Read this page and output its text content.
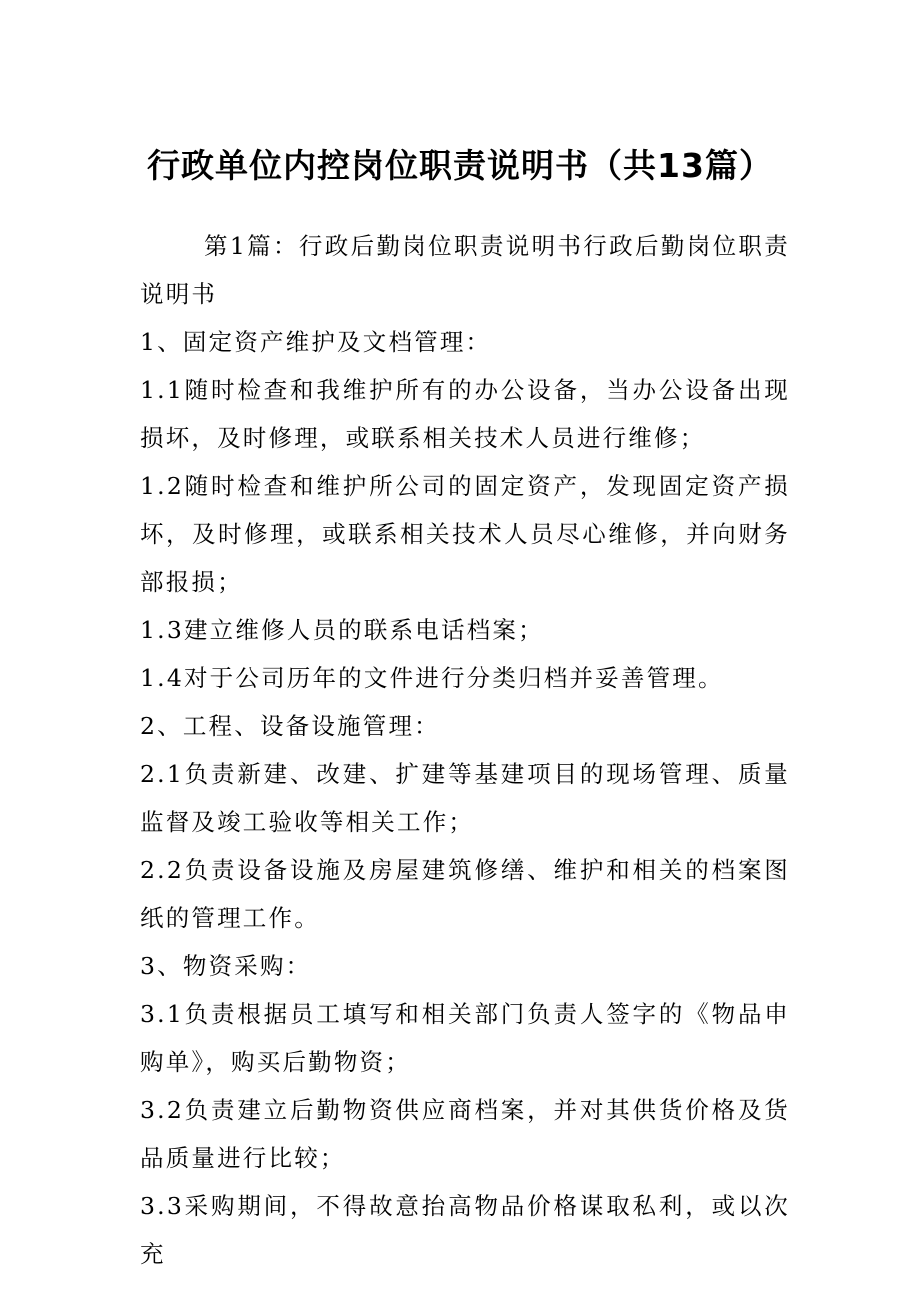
行政单位内控岗位职责说明书（共13篇）

第1篇：行政后勤岗位职责说明书行政后勤岗位职责说明书

1、固定资产维护及文档管理：

1.1随时检查和我维护所有的办公设备，当办公设备出现损坏，及时修理，或联系相关技术人员进行维修；

1.2随时检查和维护所公司的固定资产，发现固定资产损坏，及时修理，或联系相关技术人员尽心维修，并向财务部报损；

1.3建立维修人员的联系电话档案；

1.4对于公司历年的文件进行分类归档并妥善管理。

2、工程、设备设施管理：

2.1负责新建、改建、扩建等基建项目的现场管理、质量监督及竣工验收等相关工作；

2.2负责设备设施及房屋建筑修缮、维护和相关的档案图纸的管理工作。

3、物资采购：

3.1负责根据员工填写和相关部门负责人签字的《物品申购单》，购买后勤物资；

3.2负责建立后勤物资供应商档案，并对其供货价格及货品质量进行比较；

3.3采购期间，不得故意抬高物品价格谋取私利，或以次充
